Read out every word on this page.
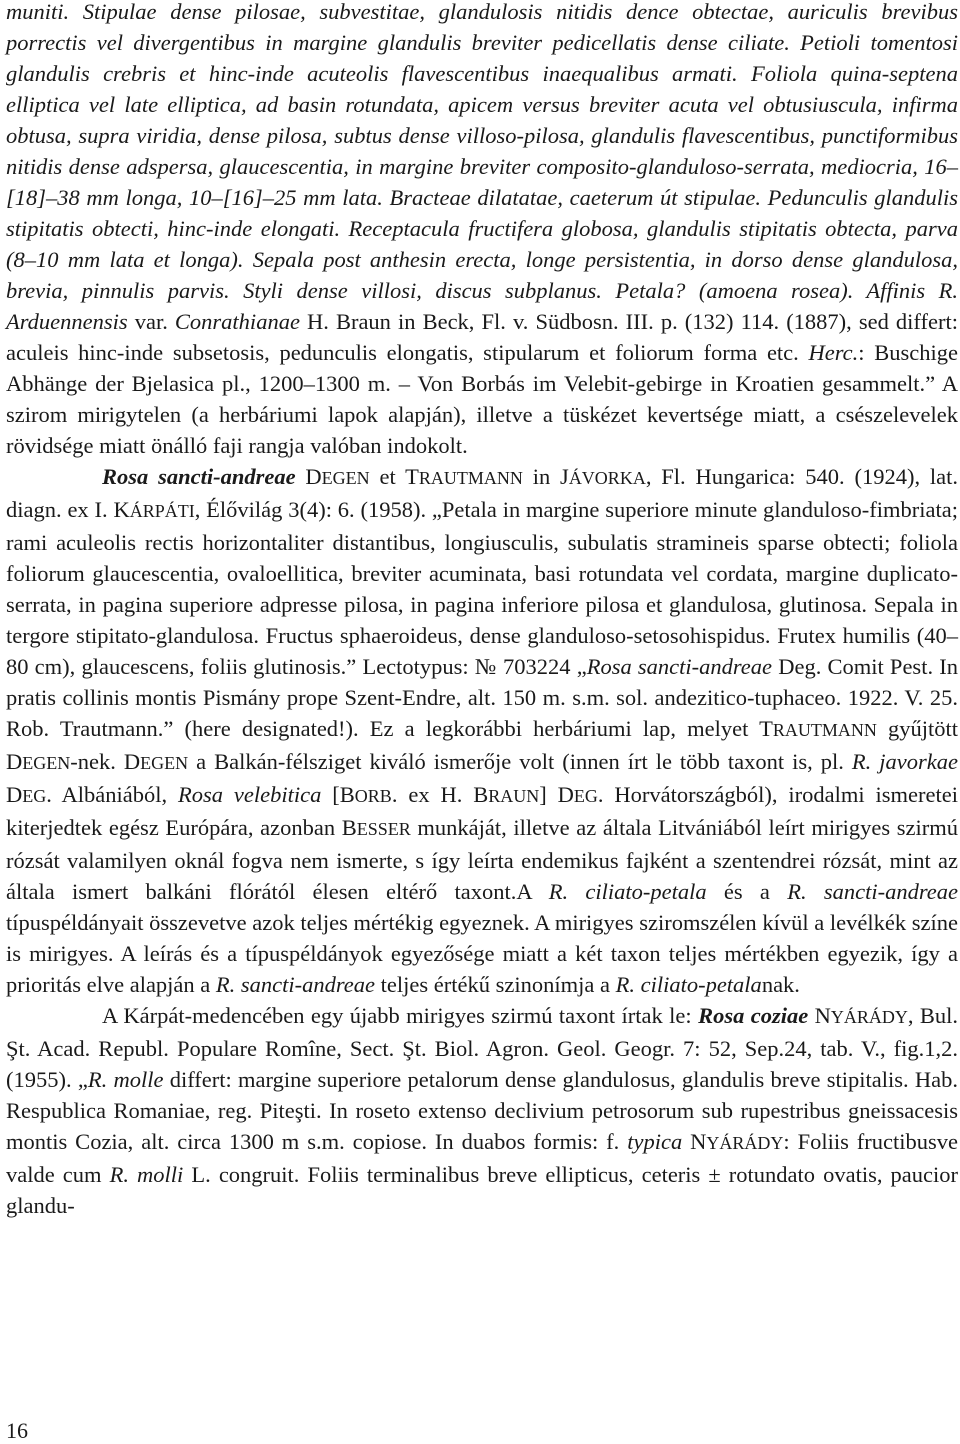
muniti. Stipulae dense pilosae, subvestitae, glandulosis nitidis dence obtectae, auriculis brevibus porrectis vel divergentibus in margine glandulis breviter pedicellatis dense ciliate. Petioli tomentosi glandulis crebris et hinc-inde acuteolis flavescentibus inaequalibus armati. Foliola quina-septena elliptica vel late elliptica, ad basin rotundata, apicem versus breviter acuta vel obtusiuscula, infirma obtusa, supra viridia, dense pilosa, subtus dense villoso-pilosa, glandulis flavescentibus, punctiformibus nitidis dense adspersa, glaucescentia, in margine breviter composito-glanduloso-serrata, mediocria, 16–[18]–38 mm longa, 10–[16]–25 mm lata. Bracteae dilatatae, caeterum út stipulae. Pedunculis glandulis stipitatis obtecti, hinc-inde elongati. Receptacula fructifera globosa, glandulis stipitatis obtecta, parva (8–10 mm lata et longa). Sepala post anthesin erecta, longe persistentia, in dorso dense glandulosa, brevia, pinnulis parvis. Styli dense villosi, discus subplanus. Petala? (amoena rosea). Affinis R. Arduennensis var. Conrathianae H. Braun in Beck, Fl. v. Südbosn. III. p. (132) 114. (1887), sed differt: aculeis hinc-inde subsetosis, pedunculis elongatis, stipularum et foliorum forma etc. Herc.: Buschige Abhänge der Bjelasica pl., 1200–1300 m. – Von Borbás im Velebit-gebirge in Kroatien gesammelt.” A szirom mirigytelen (a herbáriumi lapok alapján), illetve a tüskézet kevertsége miatt, a csészelevelek rövidsége miatt önálló faji rangja valóban indokolt.

Rosa sancti-andreae DEGEN et TRAUTMANN in JÁVORKA, Fl. Hungarica: 540. (1924), lat. diagn. ex I. KÁRPÁTI, Élővilág 3(4): 6. (1958). „Petala in margine superiore minute glanduloso-fimbriata; rami aculeolis rectis horizontaliter distantibus, longiusculis, subulatis stramineis sparse obtecti; foliola foliorum glaucescentia, ovaloellitica, breviter acuminata, basi rotundata vel cordata, margine duplicato-serrata, in pagina superiore adpresse pilosa, in pagina inferiore pilosa et glandulosa, glutinosa. Sepala in tergore stipitato-glandulosa. Fructus sphaeroideus, dense glanduloso-setosohispidus. Frutex humilis (40–80 cm), glaucescens, foliis glutinosis.” Lectotypus: № 703224 „Rosa sancti-andreae Deg. Comit Pest. In pratis collinis montis Pismány prope Szent-Endre, alt. 150 m. s.m. sol. andezitico-tuphaceo. 1922. V. 25. Rob. Trautmann.” (here designated!). Ez a legkorábbi herbáriumi lap, melyet TRAUTMANN gyűjtött DEGEN-nek. DEGEN a Balkán-félsziget kiváló ismerője volt (innen írt le több taxont is, pl. R. javorkae DEG. Albániából, Rosa velebitica [BORB. ex H. BRAUN] DEG. Horvátországból), irodalmi ismeretei kiterjedtek egész Európára, azonban BESSER munkáját, illetve az általa Litvániából leírt mirigyes szirmú rózsát valamilyen oknál fogva nem ismerte, s így leírta endemikus fajként a szentendrei rózsát, mint az általa ismert balkáni flórától élesen eltérő taxont.A R. ciliato-petala és a R. sancti-andreae típuspéldányait összevetve azok teljes mértékig egyeznek. A mirigyes sziromszélen kívül a levélkék színe is mirigyes. A leírás és a típuspéldányok egyezősége miatt a két taxon teljes mértékben egyezik, így a prioritás elve alapján a R. sancti-andreae teljes értékű szinonímja a R. ciliato-petalanak.

A Kárpát-medencében egy újabb mirigyes szirmú taxont írtak le: Rosa coziae NYÁRÁDY, Bul. Şt. Acad. Republ. Populare Romîne, Sect. Şt. Biol. Agron. Geol. Geogr. 7: 52, Sep.24, tab. V., fig.1,2. (1955). „R. molle differt: margine superiore petalorum dense glandulosus, glandulis breve stipitalis. Hab. Respublica Romaniae, reg. Piteşti. In roseto extenso declivium petrosorum sub rupestribus gneissacesis montis Cozia, alt. circa 1300 m s.m. copiose. In duabos formis: f. typica NYÁRÁDY: Foliis fructibusve valde cum R. molli L. congruit. Foliis terminalibus breve ellipticus, ceteris ± rotundato ovatis, paucior glandu-

16
